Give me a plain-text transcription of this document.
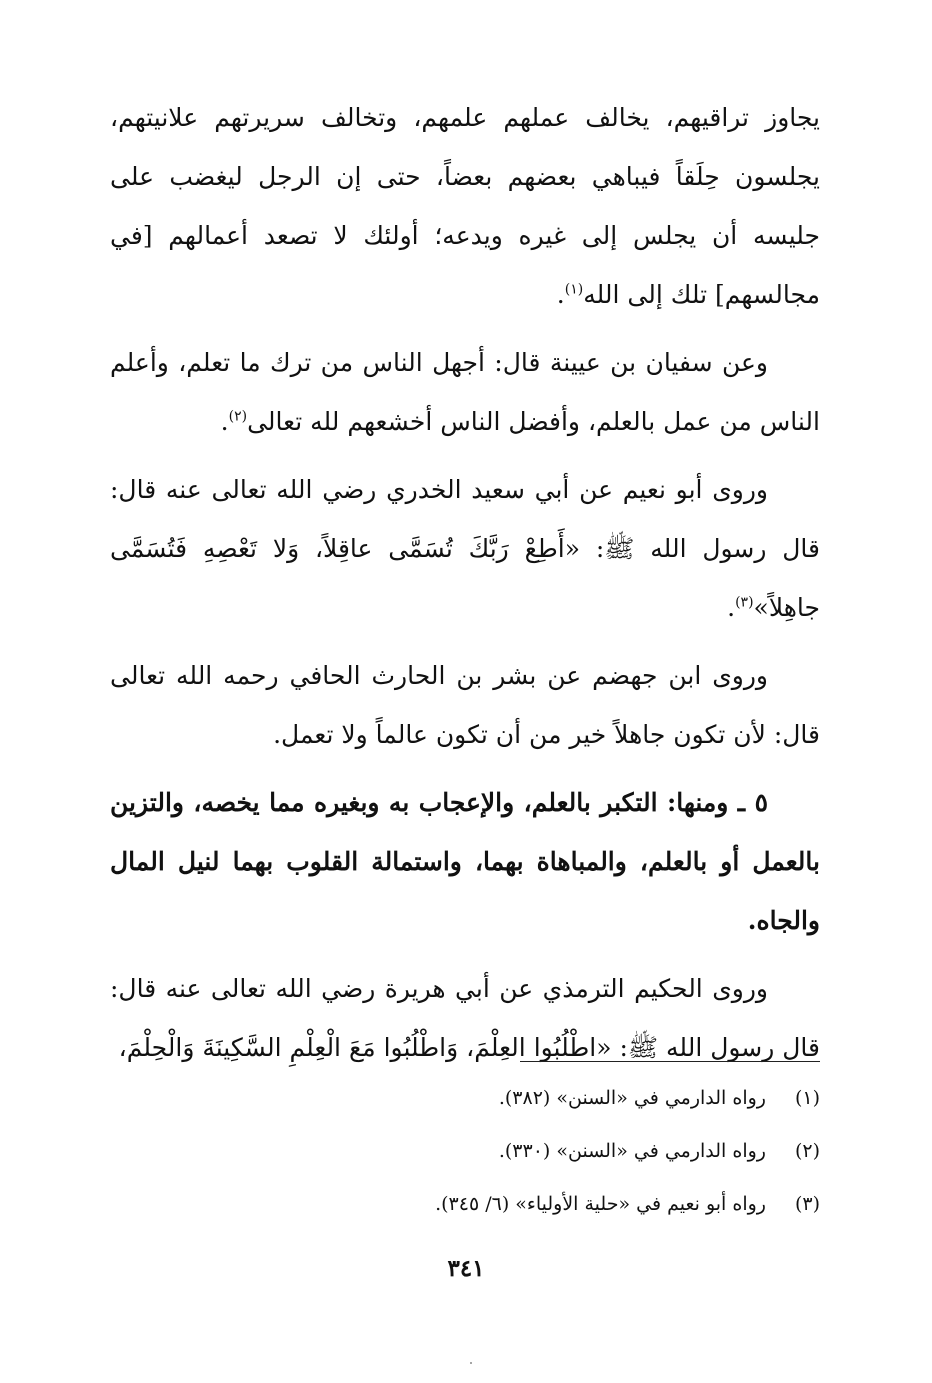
يجاوز تراقيهم، يخالف عملهم علمهم، وتخالف سريرتهم علانيتهم، يجلسون حِلَقاً فيباهي بعضهم بعضاً، حتى إن الرجل ليغضب على جليسه أن يجلس إلى غيره ويدعه؛ أولئك لا تصعد أعمالهم [في مجالسهم] تلك إلى الله$^{(١)}$.

وعن سفيان بن عيينة قال: أجهل الناس من ترك ما تعلم، وأعلم الناس من عمل بالعلم، وأفضل الناس أخشعهم لله تعالى$^{(٢)}$.

وروى أبو نعيم عن أبي سعيد الخدري رضي الله تعالى عنه قال: قال رسول الله ﷺ: «أَطِعْ رَبَّكَ تُسَمَّى عاقِلاً، وَلا تَعْصِهِ فَتُسَمَّى جاهِلاً»$^{(٣)}$.

وروى ابن جهضم عن بشر بن الحارث الحافي رحمه الله تعالى قال: لأن تكون جاهلاً خير من أن تكون عالماً ولا تعمل.

٥ ـ ومنها: التكبر بالعلم، والإعجاب به وبغيره مما يخصه، والتزين بالعمل أو بالعلم، والمباهاة بهما، واستمالة القلوب بهما لنيل المال والجاه.

وروى الحكيم الترمذي عن أبي هريرة رضي الله تعالى عنه قال: قال رسول الله ﷺ: «اطْلُبُوا العِلْمَ، وَاطْلُبُوا مَعَ الْعِلْمِ السَّكِينَةَ وَالْحِلْمَ،

(١) رواه الدارمي في «السنن» (٣٨٢).
(٢) رواه الدارمي في «السنن» (٣٣٠).
(٣) رواه أبو نعيم في «حلية الأولياء» (٦/ ٣٤٥).
٣٤١
